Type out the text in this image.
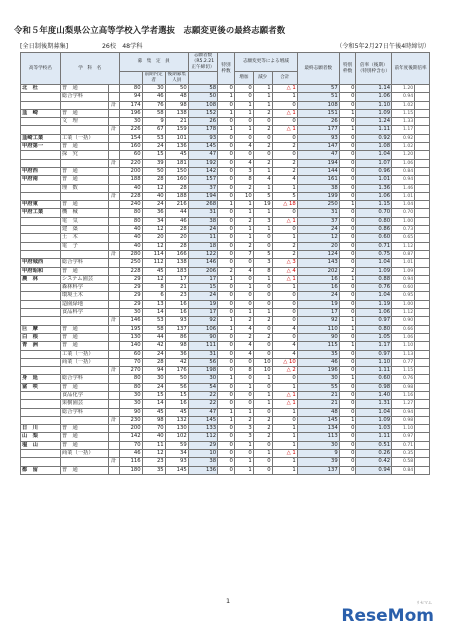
令和５年度山梨県公立高等学校入学者選抜　志願変更後の最終志願者数
[全日制後期募集]	26校　48学科	（令和5年2月27日午後4時締切）
高等学校名	学　科　名		募　集　定　員			志願者数（R5.2.21正午締切）	特別枠数	志願変更等による増減			最終志願者数	特別枠数	倍率（後期）
（特別枠含む）	前年度後期倍率	
				前期内定者	後期募集人員			増加	減少	合計					
北　杜	普　通		80	30	50	58	0	0	1	△ 1	57	0	1.14	1.20	
	総合学科		94	46	48	50	1	0	1	1	51	0	1.06	0.94	
		計	174	76	98	108	0	1	1	0	108	0	1.10	1.02	
韮　崎	普　通		196	58	138	152	1	1	2	△ 1	151	1	1.09	1.15	
	文　理		30	9	21	26	0	0	0	0	26	0	1.24	1.33	
		計	226	67	159	178	1	1	2	△ 1	177	1	1.11	1.17	
韮崎工業	工業（一括）		154	53	101	93	0	0	0	0	93	0	0.92	0.92	
甲府第一	普　通		160	24	136	145	0	4	2	2	147	0	1.08	1.02	
	探　究		60	15	45	47	0	0	0	0	47	0	1.04	1.20	
		計	220	39	181	192	0	4	2	2	194	0	1.07	1.06	
甲府西	普　通		200	50	150	142	0	3	1	2	144	0	0.96	0.84	
甲府南	普　通		188	28	160	157	0	8	4	4	161	0	1.01	0.94	
	理　数		40	12	28	37	0	2	1	1	38	0	1.36	1.46	
		計	228	40	188	194	0	10	5	5	199	0	1.06	1.01	
甲府東	普　通		240	24	216	268	1	1	19	△ 18	250	1	1.15	1.04	
甲府工業	機　械		80	36	44	31	0	1	1	0	31	0	0.70	0.70	
	電　気		80	34	46	38	0	2	3	△ 1	37	0	0.80	1.00	
	建　築		40	12	28	24	0	1	1	0	24	0	0.86	0.73	
	土　木		40	20	20	11	0	1	0	1	12	0	0.60	0.65	
	電　子		40	12	28	18	0	2	0	2	20	0	0.71	1.12	
		計	280	114	166	122	0	7	5	2	124	0	0.75	0.87	
甲府城西	総合学科		250	112	138	146	0	0	3	△ 3	143	0	1.04	1.01	
甲府昭和	普　通		228	45	183	206	2	4	8	△ 4	202	2	1.09	1.09	
農　林	システム園芸		29	12	17	17	1	0	1	△ 1	16	1	0.88	0.94	
	森林科学		29	8	21	15	0	1	0	1	16	0	0.76	0.60	
	環境土木		29	6	23	24	0	0	0	0	24	0	1.04	0.95	
	造園緑地		29	13	16	19	0	0	0	0	19	0	1.19	1.00	
	食品科学		30	14	16	17	0	1	1	0	17	0	1.06	1.12	
		計	146	53	93	92	1	2	2	0	92	1	0.97	0.90	
巨　摩	普　通		195	58	137	106	1	4	0	4	110	1	0.80	0.66	
白　根	普　通		130	44	86	90	0	2	2	0	90	0	1.05	1.06	
青　洲	普　通		140	42	98	111	0	4	0	4	115	1	1.17	1.10	
	工業（一括）		60	24	36	31	0	4	0	4	35	0	0.97	1.13	
	商業（一括）		70	28	42	56	0	0	10	△ 10	46	0	1.10	0.77	
		計	270	94	176	198	0	8	10	△ 2	196	0	1.11	1.15	
身　延	総合学科		80	30	50	30	1	0	1	0	30	1	0.60	0.76	
富　咲	普　通		80	24	56	54	0	1	0	1	55	0	0.98	0.98	
	食品化学		30	15	15	22	0	0	1	△ 1	21	0	1.40	1.16	
	果樹園芸		30	14	16	22	0	0	1	△ 1	21	0	1.31	1.27	
	総合学科		90	45	45	47	1	1	0	1	48	0	1.04	0.94	
		計	230	98	132	145	1	2	2	0	145	1	1.09	0.98	
日　川	普　通		200	70	130	133	0	3	2	1	134	0	1.03	1.10	
山　梨	普　通		142	40	102	112	0	3	2	1	113	0	1.11	0.97	
塩　山	普　通		70	11	59	29	0	1	0	1	30	0	0.51	0.71	
	商業（一括）		46	12	34	10	0	0	1	△ 1	9	0	0.26	0.35	
		計	116	23	93	38	0	1	0	1	39	0	0.42	0.58	
都　留	普　通		180	35	145	136	0	1	0	1	137	0	0.94	0.84	
1
ReseMom
リセマム
